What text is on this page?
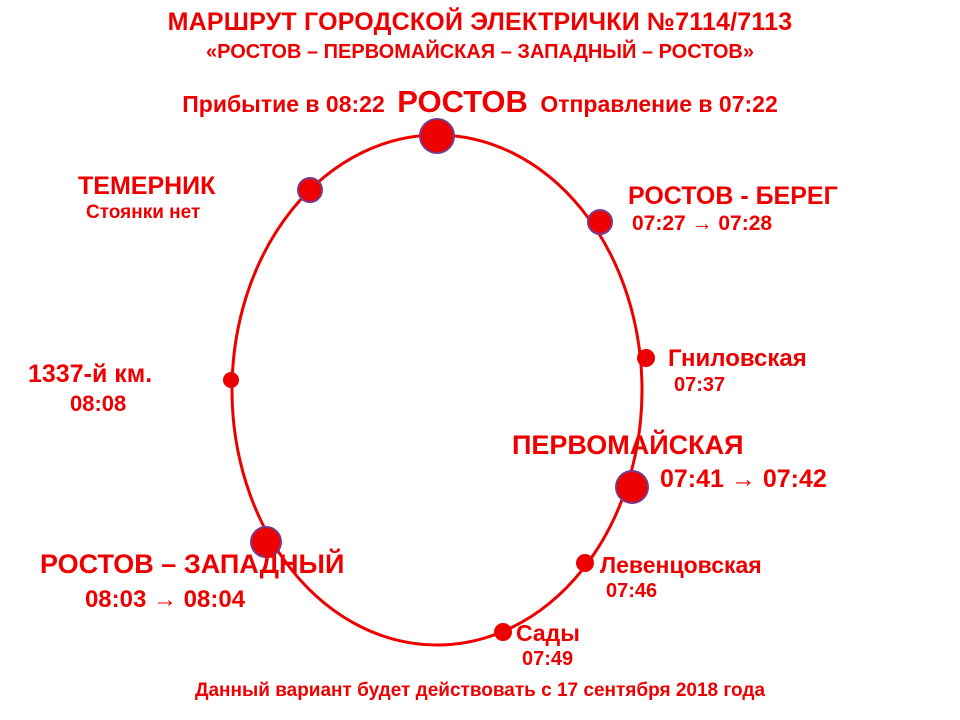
МАРШРУТ ГОРОДСКОЙ ЭЛЕКТРИЧКИ №7114/7113
«РОСТОВ – ПЕРВОМАЙСКАЯ – ЗАПАДНЫЙ – РОСТОВ»
Прибытие в 08:22 РОСТОВ Отправление в 07:22
ТЕМЕРНИК
Стоянки нет
РОСТОВ - БЕРЕГ
07:27 → 07:28
Гниловская
07:37
ПЕРВОМАЙСКАЯ
07:41 → 07:42
1337-й км.
08:08
РОСТОВ – ЗАПАДНЫЙ
08:03 → 08:04
Левенцовская
07:46
Сады
07:49
Данный вариант будет действовать с 17 сентября 2018 года
